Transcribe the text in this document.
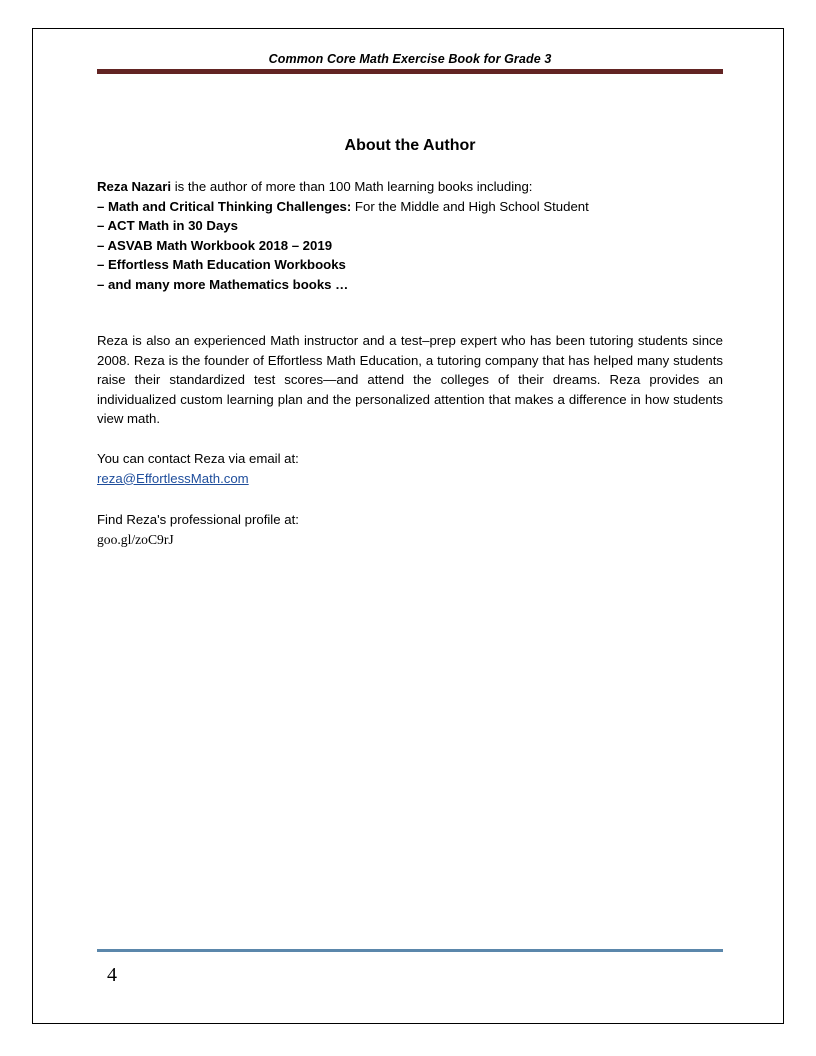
Common Core Math Exercise Book for Grade 3
About the Author
Reza Nazari is the author of more than 100 Math learning books including:
– Math and Critical Thinking Challenges: For the Middle and High School Student
– ACT Math in 30 Days
– ASVAB Math Workbook 2018 – 2019
– Effortless Math Education Workbooks
– and many more Mathematics books …
Reza is also an experienced Math instructor and a test–prep expert who has been tutoring students since 2008. Reza is the founder of Effortless Math Education, a tutoring company that has helped many students raise their standardized test scores—and attend the colleges of their dreams. Reza provides an individualized custom learning plan and the personalized attention that makes a difference in how students view math.
You can contact Reza via email at:
reza@EffortlessMath.com
Find Reza's professional profile at:
goo.gl/zoC9rJ
4
